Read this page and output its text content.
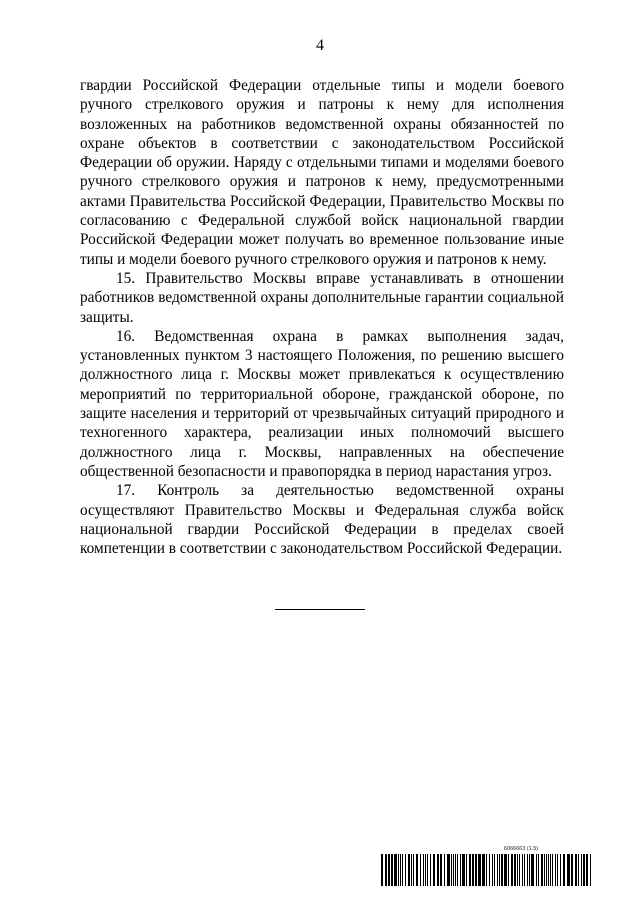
4

гвардии Российской Федерации отдельные типы и модели боевого ручного стрелкового оружия и патроны к нему для исполнения возложенных на работников ведомственной охраны обязанностей по охране объектов в соответствии с законодательством Российской Федерации об оружии. Наряду с отдельными типами и моделями боевого ручного стрелкового оружия и патронов к нему, предусмотренными актами Правительства Российской Федерации, Правительство Москвы по согласованию с Федеральной службой войск национальной гвардии Российской Федерации может получать во временное пользование иные типы и модели боевого ручного стрелкового оружия и патронов к нему.

15. Правительство Москвы вправе устанавливать в отношении работников ведомственной охраны дополнительные гарантии социальной защиты.

16. Ведомственная охрана в рамках выполнения задач, установленных пунктом 3 настоящего Положения, по решению высшего должностного лица г. Москвы может привлекаться к осуществлению мероприятий по территориальной обороне, гражданской обороне, по защите населения и территорий от чрезвычайных ситуаций природного и техногенного характера, реализации иных полномочий высшего должностного лица г. Москвы, направленных на обеспечение общественной безопасности и правопорядка в период нарастания угроз.

17. Контроль за деятельностью ведомственной охраны осуществляют Правительство Москвы и Федеральная служба войск национальной гвардии Российской Федерации в пределах своей компетенции в соответствии с законодательством Российской Федерации.

6066663 (1.5)
